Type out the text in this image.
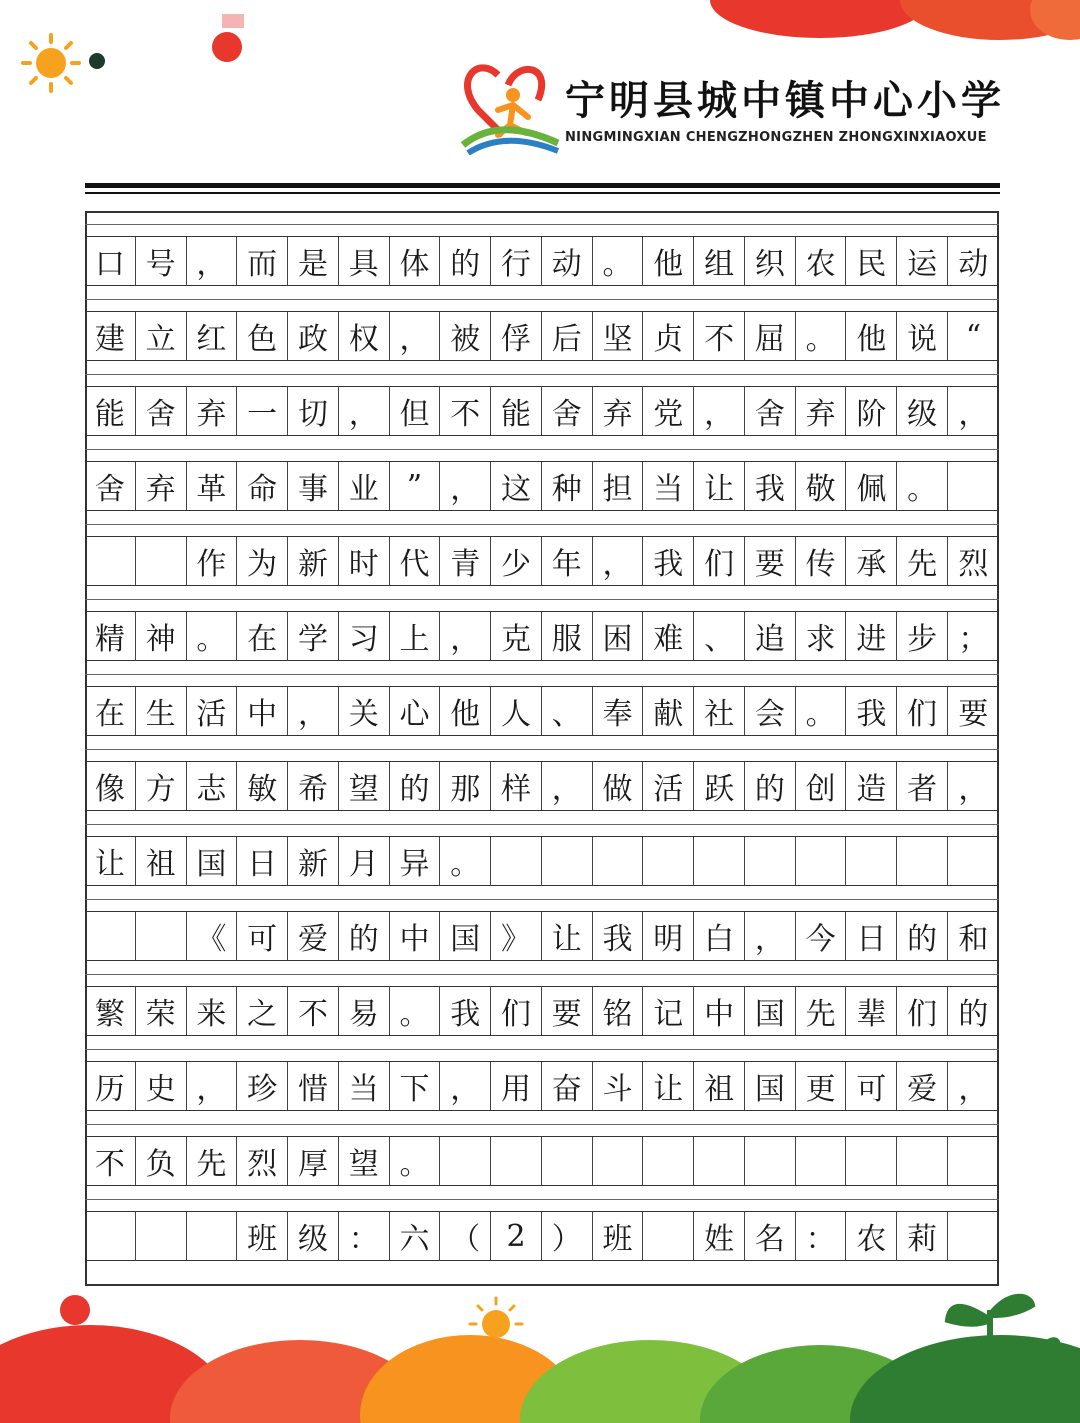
宁明县城中镇中心小学
NINGMINGXIAN CHENGZHONGZHEN ZHONGXINXIAOXUE
口 号 ， 而 是 具 体 的 行 动 。 他 组 织 农 民 运 动
建 立 红 色 政 权 ， 被 俘 后 坚 贞 不 屈 。 他 说 “
能 舍 弃 一 切 ， 但 不 能 舍 弃 党 ， 舍 弃 阶 级 ，
舍 弃 革 命 事 业 ” ， 这 种 担 当 让 我 敬 佩 。

作 为 新 时 代 青 少 年 ， 我 们 要 传 承 先 烈
精 神 。 在 学 习 上 ， 克 服 困 难 、 追 求 进 步 ；
在 生 活 中 ， 关 心 他 人 、 奉 献 社 会 。 我 们 要
像 方 志 敏 希 望 的 那 样 ， 做 活 跃 的 创 造 者 ，
让 祖 国 日 新 月 异 。

《 可 爱 的 中 国 》 让 我 明 白 ， 今 日 的 和
繁 荣 来 之 不 易 。 我 们 要 铭 记 中 国 先 辈 们 的
历 史 ， 珍 惜 当 下 ， 用 奋 斗 让 祖 国 更 可 爱 ，
不 负 先 烈 厚 望 。

班 级 ： 六 （ 2 ） 班
　	姓 名 ： 农 莉
